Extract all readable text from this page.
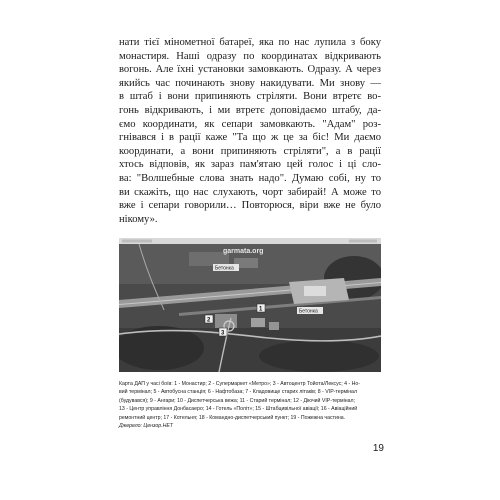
нати тієї мінометної батареї, яка по нас лупила з боку
монастиря. Наші одразу по координатах відкривають
вогонь. Але їхні установки замовкають. Одразу. А через
якийсь час починають знову накидувати. Ми знову —
в штаб і вони припиняють стріляти. Вони втретє во-
гонь відкривають, і ми втретє доповідаємо штабу, да-
ємо координати, як сепари замовкають. "Адам" роз-
гнівався і в рації каже "Та що ж це за біс! Ми даємо
координати, а вони припиняють стріляти", а в рації
хтось відповів, як зараз пам'ятаю цей голос і ці сло-
ва: "Волшебные слова знать надо". Думаю собі, ну то
ви скажіть, що нас слухають, чорт забирай! А може то
вже і сепари говорили… Повторюся, віри вже не було
нікому».
garmata.org
Бетонка
Бетонка
1
2
3
Карта ДАП у часі боїв: 1 - Монастир; 2 - Супермаркет «Метро»; 3 - Автоцентр Тойота/Лексус; 4 - Но-
вий термінал; 5 - Автобусна станція; 6 - Нафтобаза; 7 - Кладовище старих літаків; 8 - VIP-термінал
(будувався); 9 - Ангари; 10 - Диспетчерська вежа; 11 - Старий термінал; 12 - Діючий VIP-термінал;
13 - Центр управління Донбасаеро; 14 - Готель «Політ»; 15 - Штабцивільної авіації; 16 - Авіаційний
ремонтний центр; 17 - Котельня; 18 - Командно-диспетчерський пункт; 19 - Пожежна частина.
Джерело: Цензор.НЕТ
19
